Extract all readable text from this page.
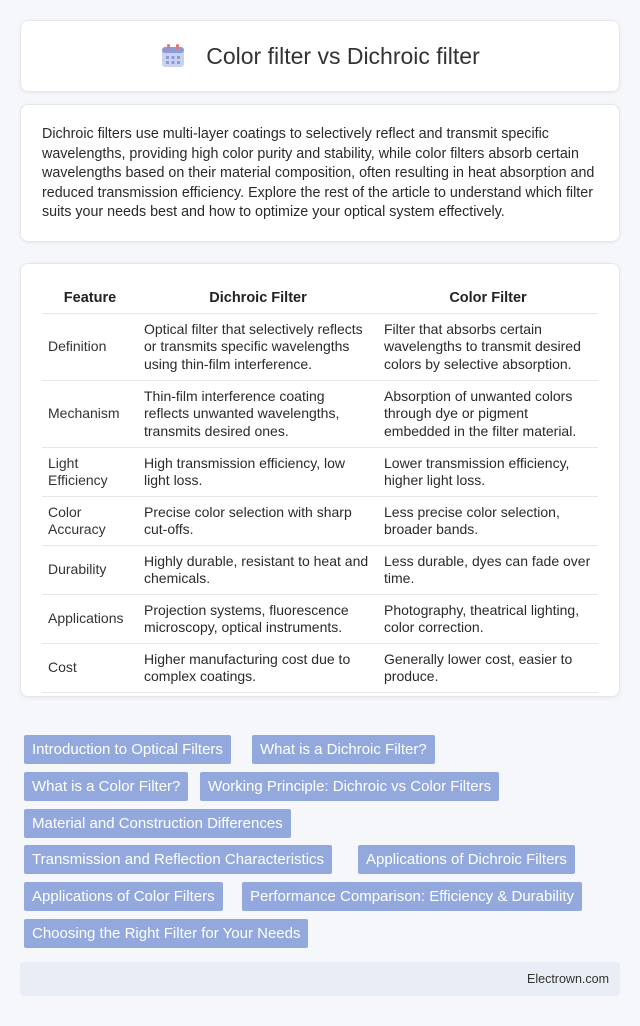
Color filter vs Dichroic filter

Dichroic filters use multi-layer coatings to selectively reflect and transmit specific wavelengths, providing high color purity and stability, while color filters absorb certain wavelengths based on their material composition, often resulting in heat absorption and reduced transmission efficiency. Explore the rest of the article to understand which filter suits your needs best and how to optimize your optical system effectively.

Feature	Dichroic Filter	Color Filter
Definition	Optical filter that selectively reflects or transmits specific wavelengths using thin-film interference.	Filter that absorbs certain wavelengths to transmit desired colors by selective absorption.
Mechanism	Thin-film interference coating reflects unwanted wavelengths, transmits desired ones.	Absorption of unwanted colors through dye or pigment embedded in the filter material.
Light Efficiency	High transmission efficiency, low light loss.	Lower transmission efficiency, higher light loss.
Color Accuracy	Precise color selection with sharp cut-offs.	Less precise color selection, broader bands.
Durability	Highly durable, resistant to heat and chemicals.	Less durable, dyes can fade over time.
Applications	Projection systems, fluorescence microscopy, optical instruments.	Photography, theatrical lighting, color correction.
Cost	Higher manufacturing cost due to complex coatings.	Generally lower cost, easier to produce.
Introduction to Optical Filters	What is a Dichroic Filter?
What is a Color Filter?	Working Principle: Dichroic vs Color Filters
Material and Construction Differences
Transmission and Reflection Characteristics	Applications of Dichroic Filters
Applications of Color Filters	Performance Comparison: Efficiency & Durability
Choosing the Right Filter for Your Needs
Electrown.com
